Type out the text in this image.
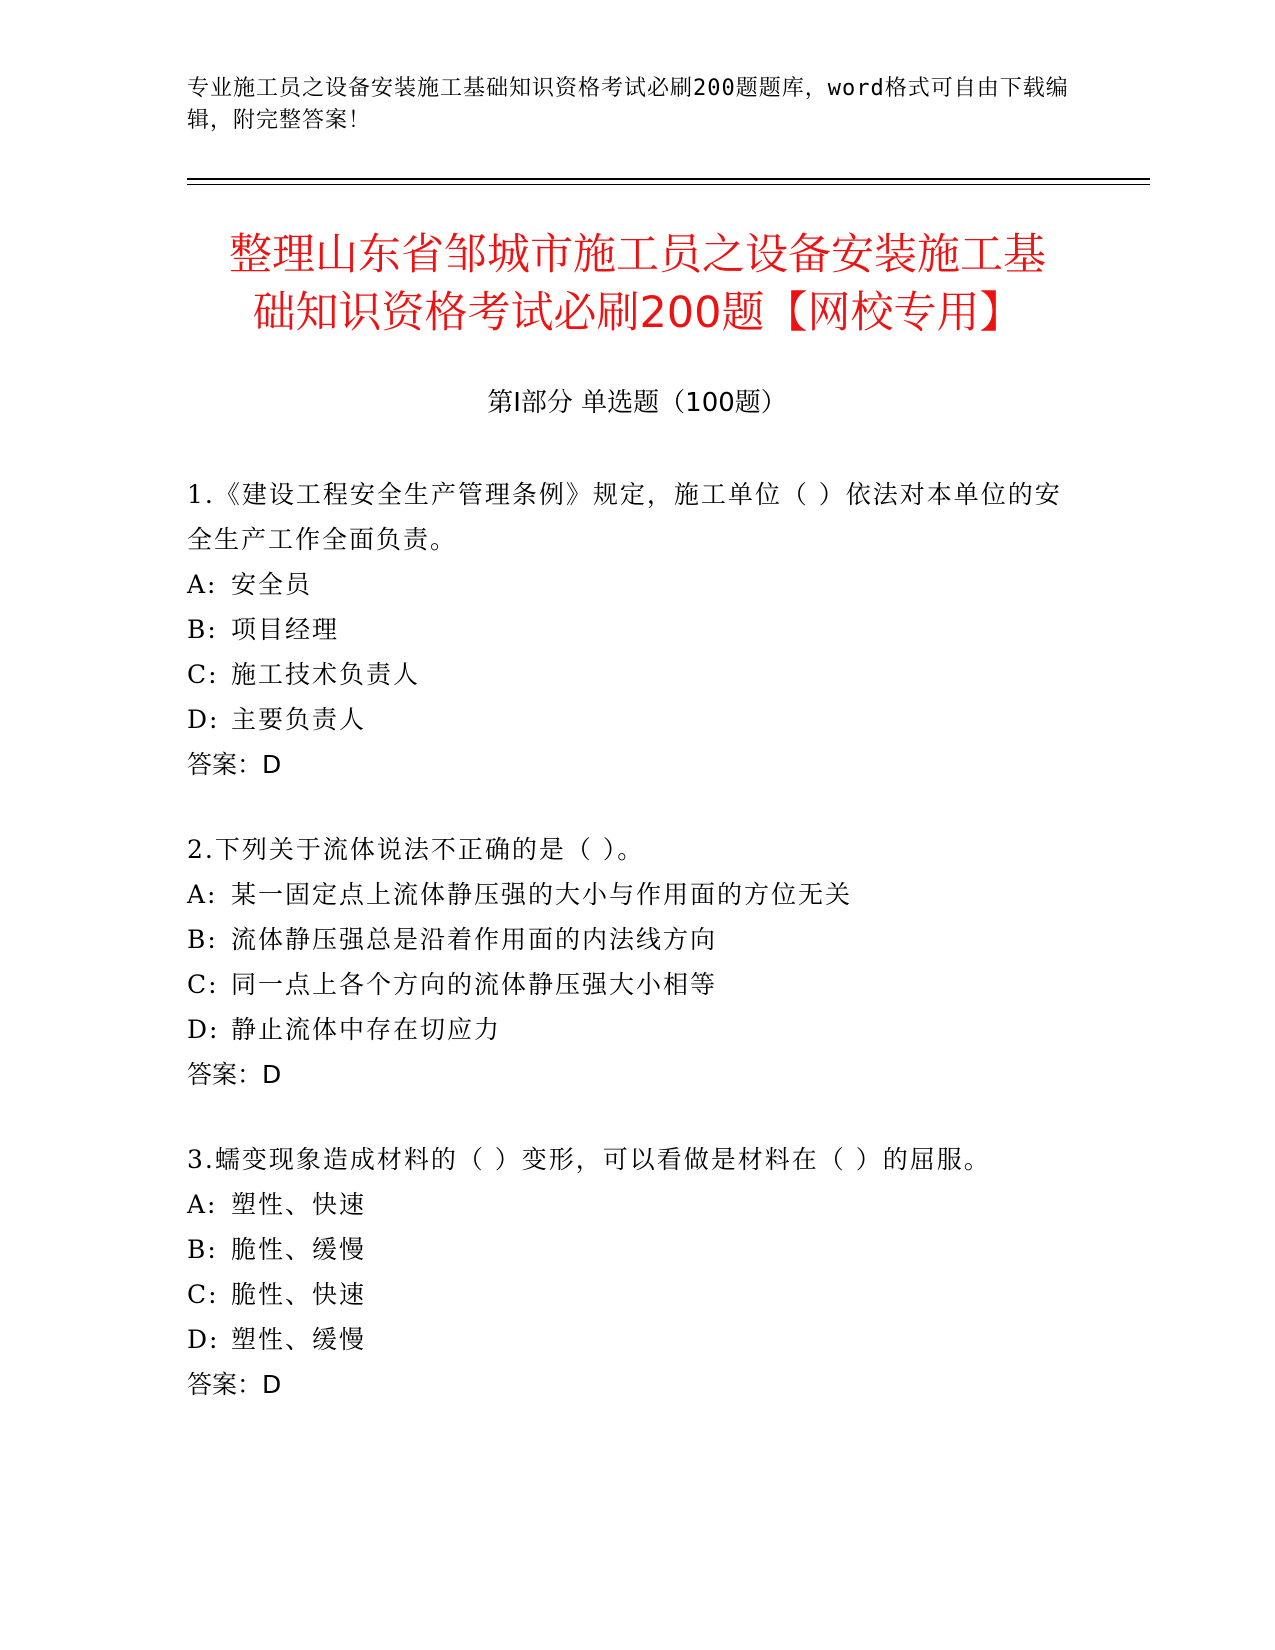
专业施工员之设备安装施工基础知识资格考试必刷200题题库，word格式可自由下载编辑，附完整答案！
整理山东省邹城市施工员之设备安装施工基
础知识资格考试必刷200题【网校专用】
第Ⅰ部分 单选题（100题）
1.《建设工程安全生产管理条例》规定，施工单位（ ）依法对本单位的安全生产工作全面负责。
A: 安全员
B: 项目经理
C: 施工技术负责人
D: 主要负责人
答案：D
2.下列关于流体说法不正确的是（ ）。
A: 某一固定点上流体静压强的大小与作用面的方位无关
B: 流体静压强总是沿着作用面的内法线方向
C: 同一点上各个方向的流体静压强大小相等
D: 静止流体中存在切应力
答案：D
3.蠕变现象造成材料的（ ）变形，可以看做是材料在（ ）的屈服。
A: 塑性、快速
B: 脆性、缓慢
C: 脆性、快速
D: 塑性、缓慢
答案：D
